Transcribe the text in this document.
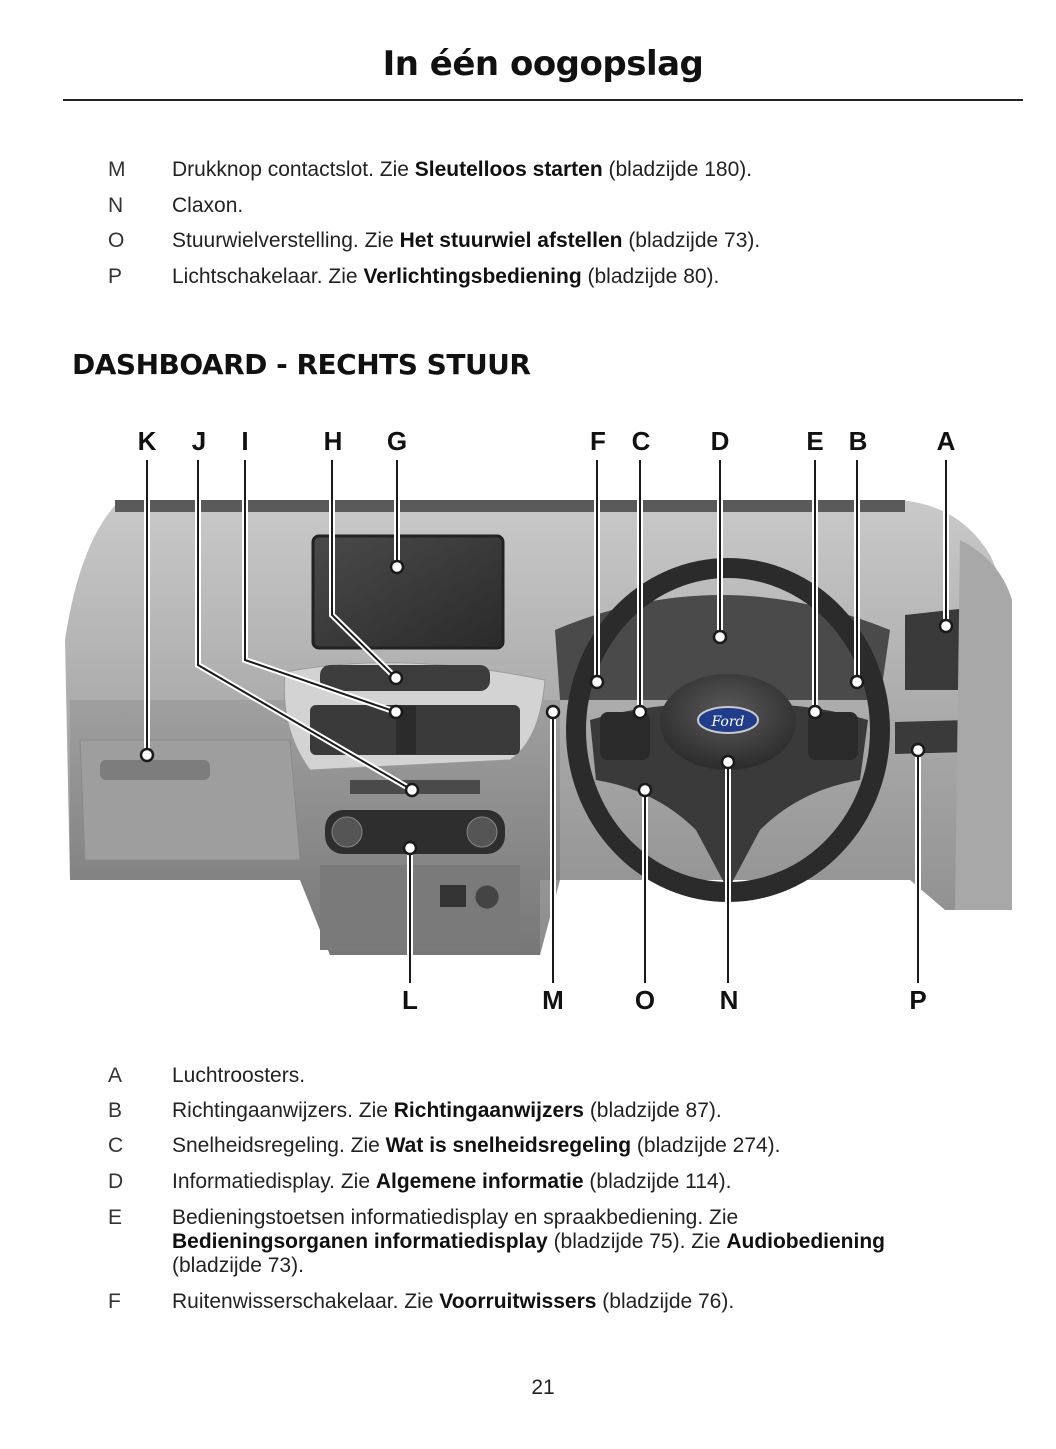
In één oogopslag
M Drukknop contactslot. Zie Sleutelloos starten (bladzijde 180).
N Claxon.
O Stuurwielverstelling. Zie Het stuurwiel afstellen (bladzijde 73).
P Lichtschakelaar. Zie Verlichtingsbediening (bladzijde 80).
DASHBOARD - RECHTS STUUR
Ford
K J I	H G	F C D	E B	A
L	M	O N	P
A Luchtroosters.
B Richtingaanwijzers. Zie Richtingaanwijzers (bladzijde 87).
C Snelheidsregeling. Zie Wat is snelheidsregeling (bladzijde 274).
D Informatiedisplay. Zie Algemene informatie (bladzijde 114).
E Bedieningstoetsen informatiedisplay en spraakbediening. Zie
Bedieningsorganen informatiedisplay (bladzijde 75). Zie Audiobediening
(bladzijde 73).
F	Ruitenwisserschakelaar. Zie Voorruitwissers (bladzijde 76).
21
